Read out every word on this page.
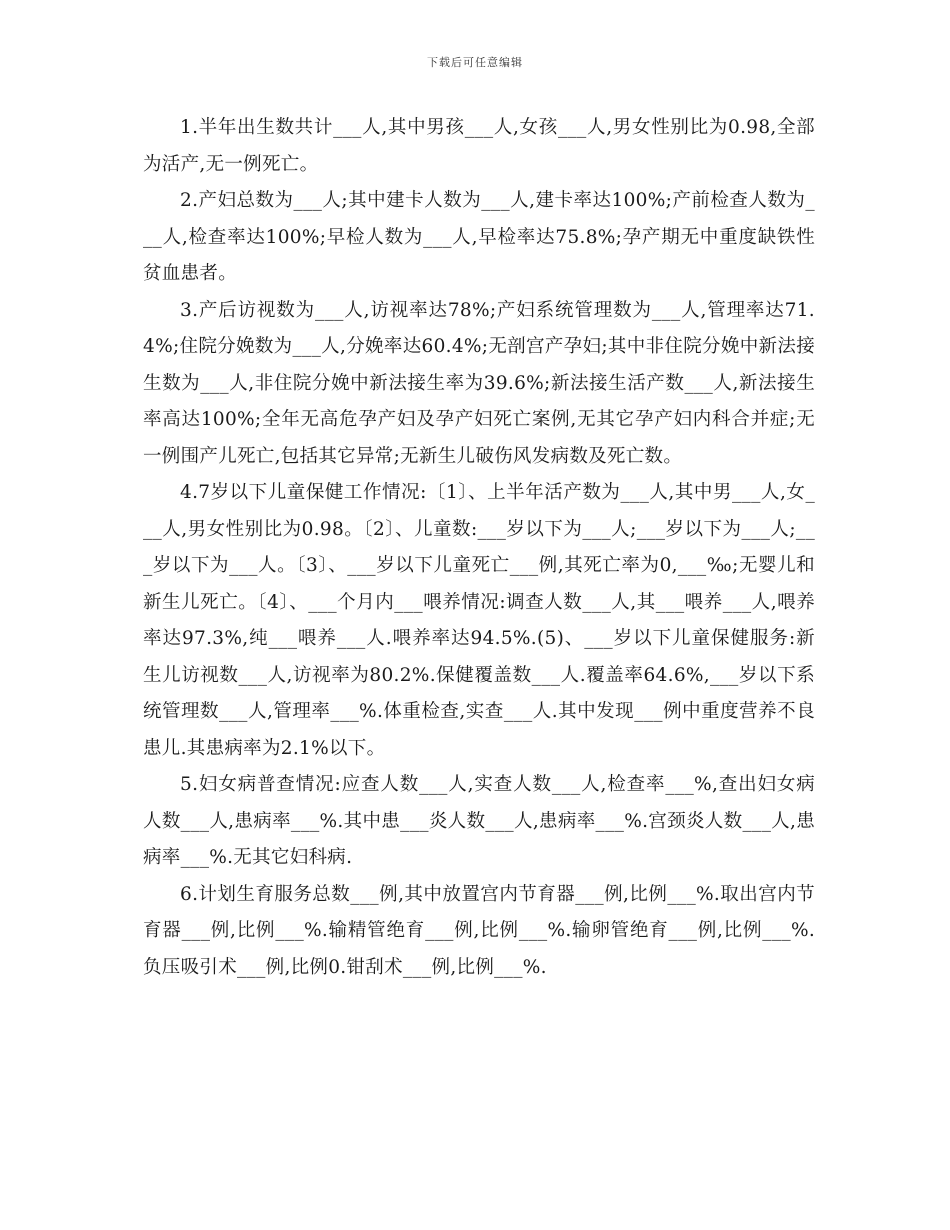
下载后可任意编辑

1.半年出生数共计___人,其中男孩___人,女孩___人,男女性别比为0.98,全部为活产,无一例死亡。

2.产妇总数为___人;其中建卡人数为___人,建卡率达100%;产前检查人数为___人,检查率达100%;早检人数为___人,早检率达75.8%;孕产期无中重度缺铁性贫血患者。

3.产后访视数为___人,访视率达78%;产妇系统管理数为___人,管理率达71.4%;住院分娩数为___人,分娩率达60.4%;无剖宫产孕妇;其中非住院分娩中新法接生数为___人,非住院分娩中新法接生率为39.6%;新法接生活产数___人,新法接生率高达100%;全年无高危孕产妇及孕产妇死亡案例,无其它孕产妇内科合并症;无一例围产儿死亡,包括其它异常;无新生儿破伤风发病数及死亡数。

4.7岁以下儿童保健工作情况:〔1〕、上半年活产数为___人,其中男___人,女___人,男女性别比为0.98。〔2〕、儿童数:___岁以下为___人;___岁以下为___人;___岁以下为___人。〔3〕、___岁以下儿童死亡___例,其死亡率为0,___‰;无婴儿和新生儿死亡。〔4〕、___个月内___喂养情况:调查人数___人,其___喂养___人,喂养率达97.3%,纯___喂养___人.喂养率达94.5%.(5)、___岁以下儿童保健服务:新生儿访视数___人,访视率为80.2%.保健覆盖数___人.覆盖率64.6%,___岁以下系统管理数___人,管理率___%.体重检查,实查___人.其中发现___例中重度营养不良患儿.其患病率为2.1%以下。

5.妇女病普查情况:应查人数___人,实查人数___人,检查率___%,查出妇女病人数___人,患病率___%.其中患___炎人数___人,患病率___%.宫颈炎人数___人,患病率___%.无其它妇科病.

6.计划生育服务总数___例,其中放置宫内节育器___例,比例___%.取出宫内节育器___例,比例___%.输精管绝育___例,比例___%.输卵管绝育___例,比例___%.负压吸引术___例,比例0.钳刮术___例,比例___%.
